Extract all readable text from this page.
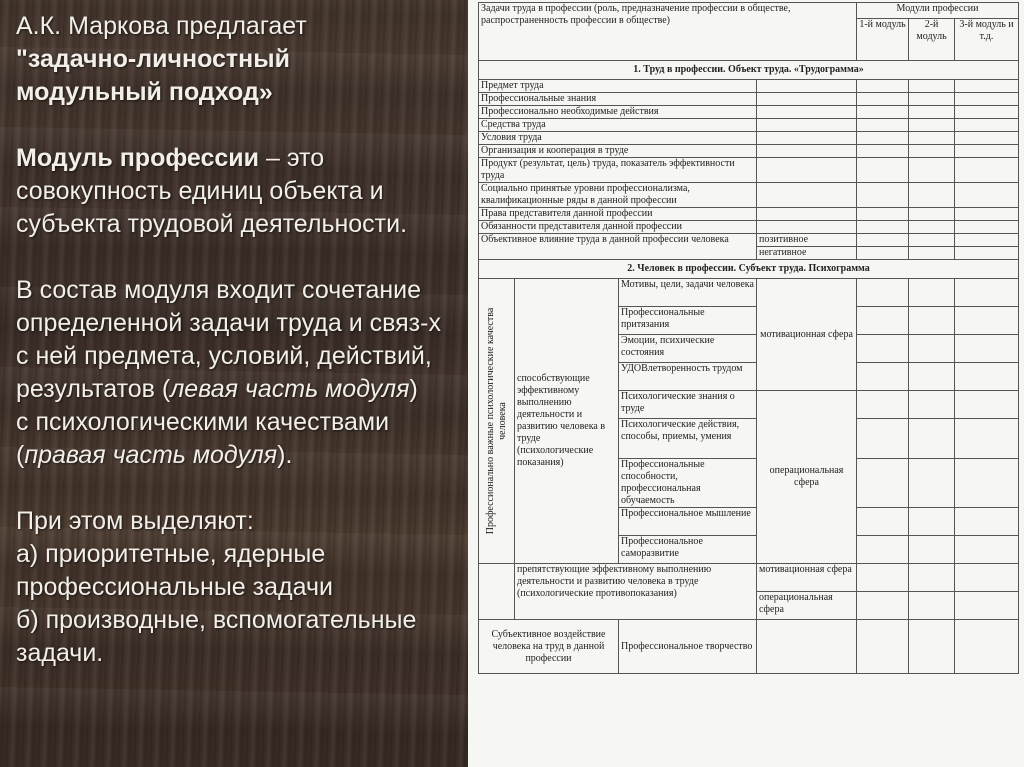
А.К. Маркова предлагает

"задачно-личностный

модульный подход»

Модуль профессии – это совокупность единиц объекта и субъекта трудовой деятельности.

В состав модуля входит сочетание определенной задачи труда и связ-х с ней предмета, условий, действий, результатов (левая часть модуля)
с психологическими качествами (правая часть модуля).

При этом выделяют:

а) приоритетные, ядерные профессиональные задачи

б) производные, вспомогательные задачи.

Задачи труда в профессии (роль, предназначение профессии в обществе, распространенность профессии в обществе)				Модули профессии		
				1-й модуль	2-й модуль	3-й модуль и т.д.
1. Труд в профессии. Объект труда. «Трудограмма»						
Предмет труда						
Профессиональные знания						
Профессионально необходимые действия						
Средства труда						
Условия труда						
Организация и кооперация в труде						
Продукт (результат, цель) труда, показатель эффективности труда						
Социально принятые уровни профессионализма, квалификационные ряды в данной профессии						
Права представителя данной профессии						
Обязанности представителя данной профессии						
Объективное влияние труда в данной профессии человека			позитивное			
			негативное			
2. Человек в профессии. Субъект труда. Психограмма						

Профессионально важные психологические качества человека	способствующие эффективному выполнению деятельности и развитию человека в труде (психологические показания)	Мотивы, цели, задачи человека	мотивационная сфера			
		Профессиональные притязания				
		Эмоции, психические состояния				
		УДОВлетворенность трудом				
		Психологические знания о труде	операциональная сфера			
		Психологические действия, способы, приемы, умения				
		Профессиональные способности, профессиональная обучаемость				
		Профессиональное мышление				
		Профессиональное саморазвитие				
	препятствующие эффективному выполнению деятельности и развитию человека в труде (психологические противопоказания)		мотивационная сфера			
			операциональная сфера			
Субъективное воздействие человека на труд в данной профессии		Профессиональное творчество				
